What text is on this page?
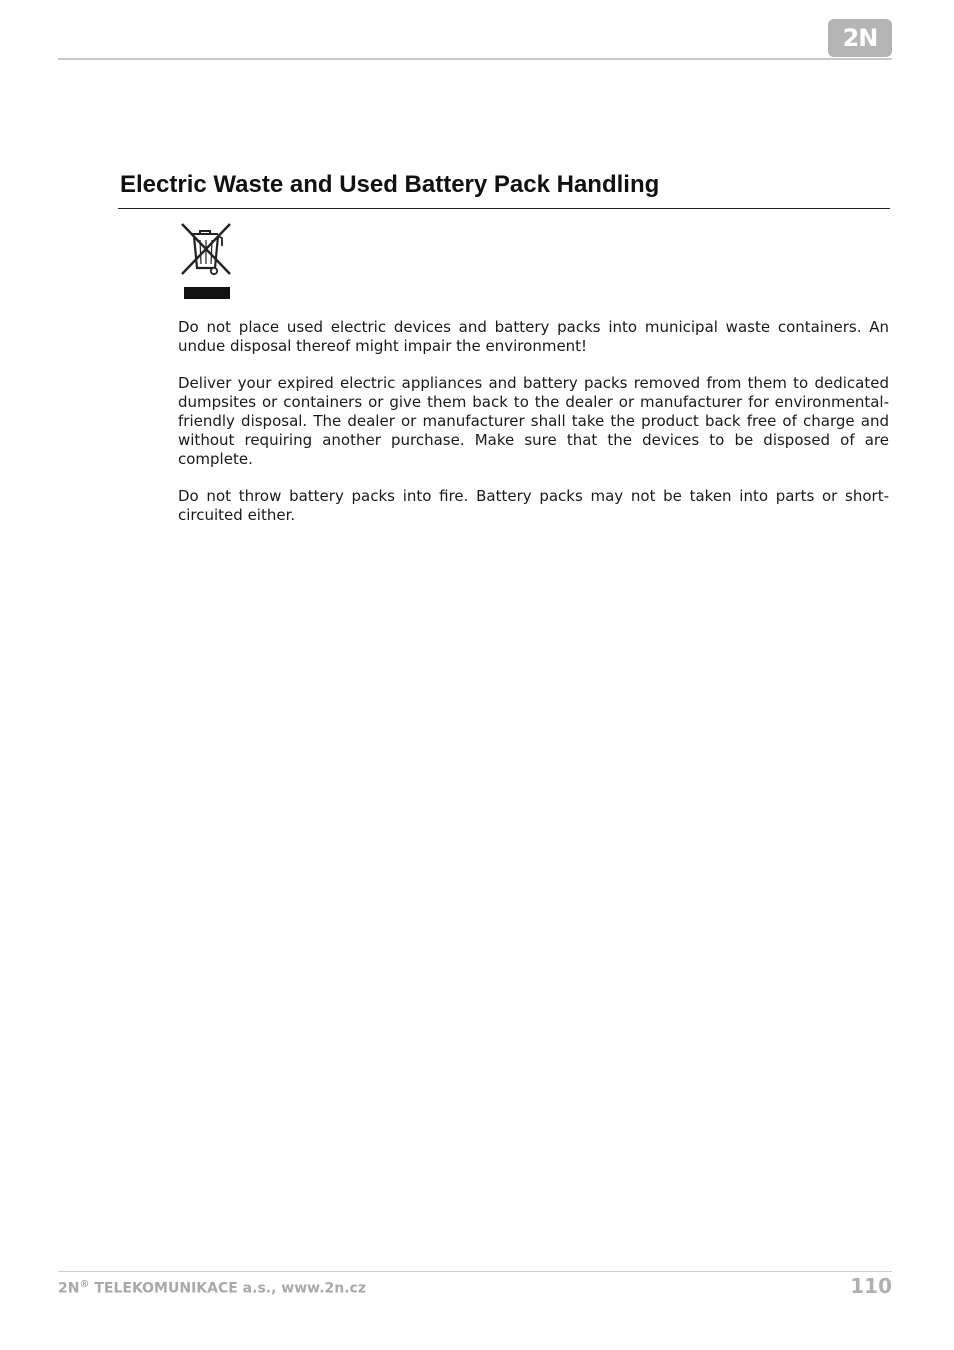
2N
Electric Waste and Used Battery Pack Handling

Do not place used electric devices and battery packs into municipal waste containers. An undue disposal thereof might impair the environment!

Deliver your expired electric appliances and battery packs removed from them to dedicated dumpsites or containers or give them back to the dealer or manufacturer for environmental-friendly disposal. The dealer or manufacturer shall take the product back free of charge and without requiring another purchase. Make sure that the devices to be disposed of are complete.

Do not throw battery packs into fire. Battery packs may not be taken into parts or short-circuited either.

2N® TELEKOMUNIKACE a.s., www.2n.cz	110
